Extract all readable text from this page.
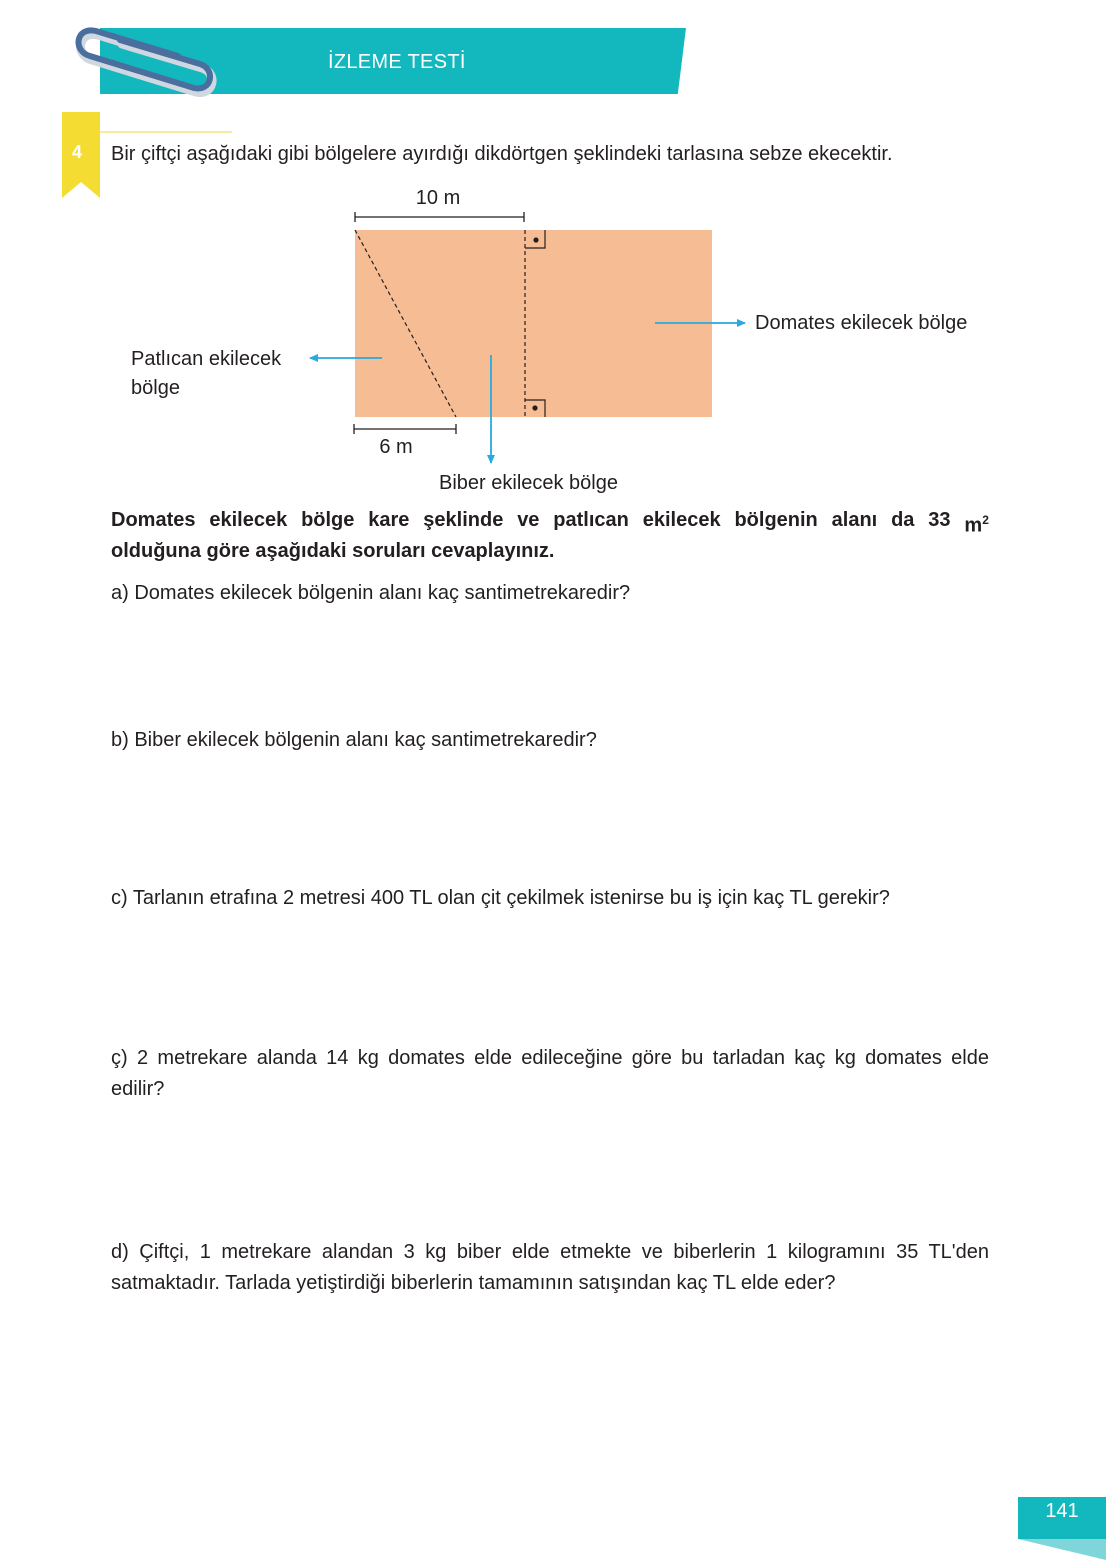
İZLEME TESTİ
4 Bir çiftçi aşağıdaki gibi bölgelere ayırdığı dikdörtgen şeklindeki tarlasına sebze ekecektir.
10 m
6 m
Domates ekilecek bölge
Patlıcan ekilecek
bölge
Biber ekilecek bölge
Domates ekilecek bölge kare şeklinde ve patlıcan ekilecek bölgenin alanı da 33 $m^2$
olduğuna göre aşağıdaki soruları cevaplayınız.
a) Domates ekilecek bölgenin alanı kaç santimetrekaredir?
b) Biber ekilecek bölgenin alanı kaç santimetrekaredir?
c) Tarlanın etrafına 2 metresi 400 TL olan çit çekilmek istenirse bu iş için kaç TL gerekir?
ç) 2 metrekare alanda 14 kg domates elde edileceğine göre bu tarladan kaç kg domates elde edilir?
d) Çiftçi, 1 metrekare alandan 3 kg biber elde etmekte ve biberlerin 1 kilogramını 35 TL'den satmaktadır. Tarlada yetiştirdiği biberlerin tamamının satışından kaç TL elde eder?
141
